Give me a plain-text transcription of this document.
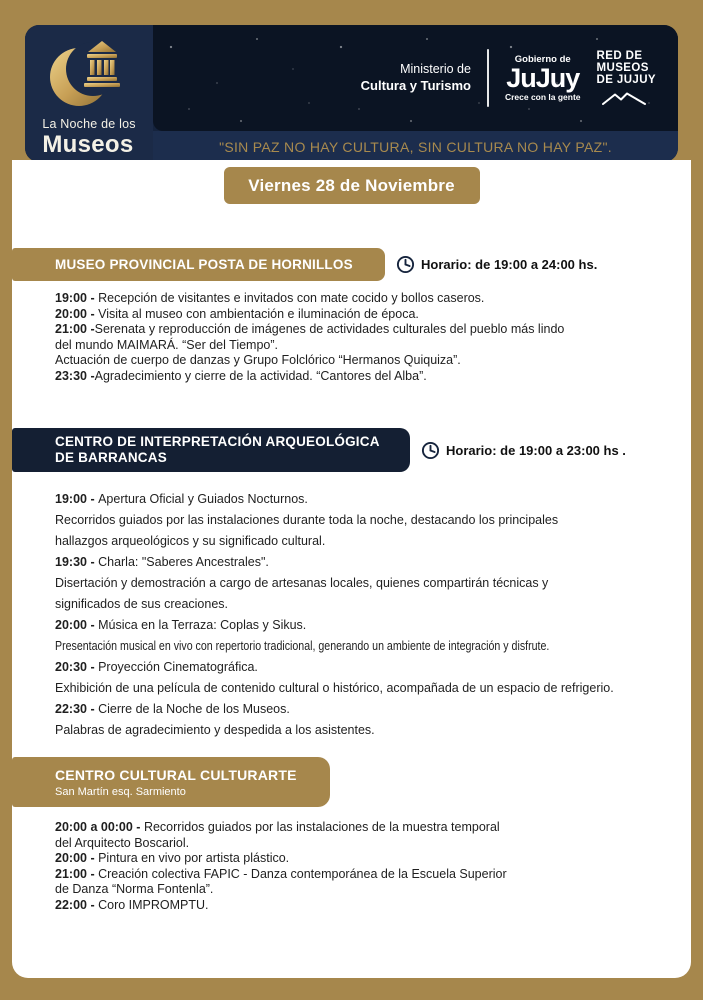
La Noche de los
Museos
Ministerio de
Cultura y Turismo
Gobierno de
JuJuy
Crece con la gente
RED DE
MUSEOS
DE JUJUY
"SIN PAZ NO HAY CULTURA, SIN CULTURA NO HAY PAZ".
Viernes 28 de Noviembre
MUSEO PROVINCIAL POSTA DE HORNILLOS	Horario: de 19:00 a 24:00 hs.

19:00 - Recepción de visitantes e invitados con mate cocido y bollos caseros.

20:00 - Visita al museo con ambientación e iluminación de época.

21:00 -Serenata y reproducción de imágenes de actividades culturales del pueblo más lindo

del mundo MAIMARÁ. “Ser del Tiempo”.

Actuación de cuerpo de danzas y Grupo Folclórico “Hermanos Quiquiza”.

23:30 -Agradecimiento y cierre de la actividad. “Cantores del Alba”.

CENTRO DE INTERPRETACIÓN ARQUEOLÓGICA
DE BARRANCAS	Horario: de 19:00 a 23:00 hs .

19:00 - Apertura Oficial y Guiados Nocturnos.

Recorridos guiados por las instalaciones durante toda la noche, destacando los principales

hallazgos arqueológicos y su significado cultural.

19:30 - Charla: "Saberes Ancestrales".

Disertación y demostración a cargo de artesanas locales, quienes compartirán técnicas y

significados de sus creaciones.

20:00 - Música en la Terraza: Coplas y Sikus.

Presentación musical en vivo con repertorio tradicional, generando un ambiente de integración y disfrute.

20:30 - Proyección Cinematográfica.

Exhibición de una película de contenido cultural o histórico, acompañada de un espacio de refrigerio.

22:30 - Cierre de la Noche de los Museos.

Palabras de agradecimiento y despedida a los asistentes.

CENTRO CULTURAL CULTURARTE
San Martín esq. Sarmiento

20:00 a 00:00 - Recorridos guiados por las instalaciones de la muestra temporal

del Arquitecto Boscariol.

20:00 - Pintura en vivo por artista plástico.

21:00 - Creación colectiva FAPIC - Danza contemporánea de la Escuela Superior

de Danza “Norma Fontenla”.

22:00 - Coro IMPROMPTU.
